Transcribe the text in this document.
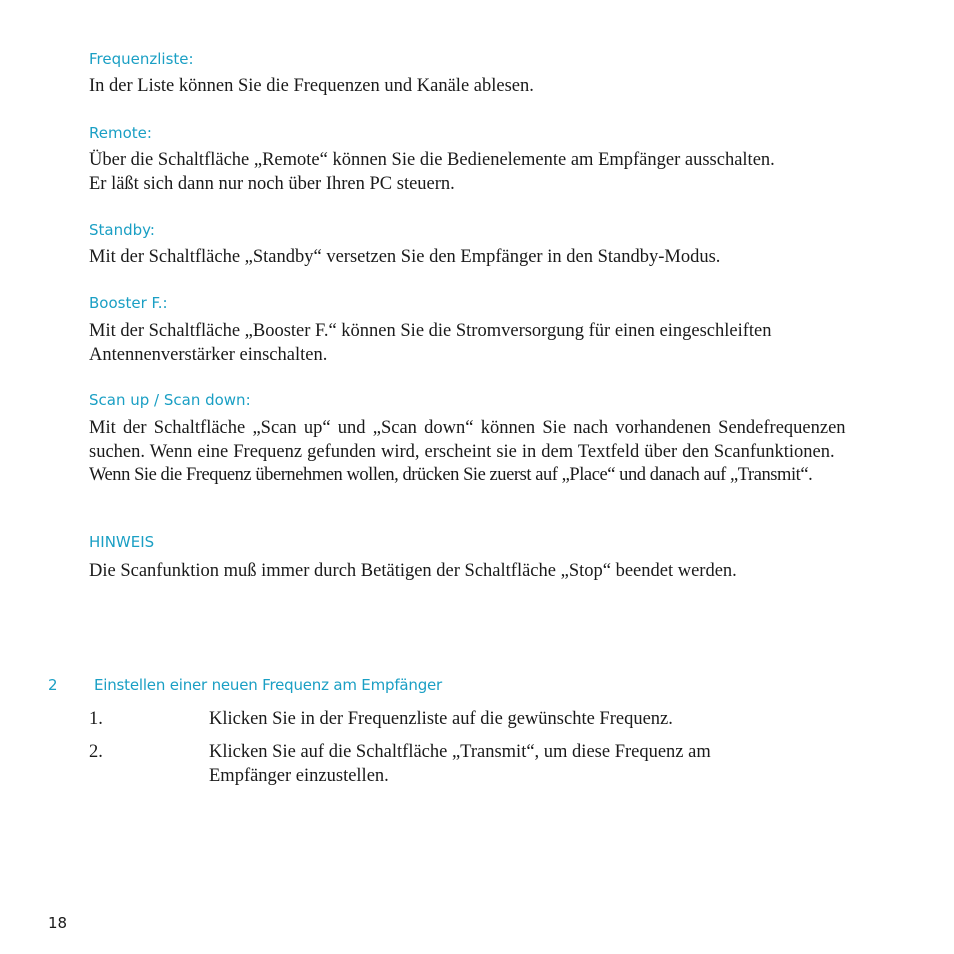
Frequenzliste:
In der Liste können Sie die Frequenzen und Kanäle ablesen.
Remote:
Über die Schaltfläche „Remote“ können Sie die Bedienelemente am Empfänger ausschalten.
Er läßt sich dann nur noch über Ihren PC steuern.
Standby:
Mit der Schaltfläche „Standby“ versetzen Sie den Empfänger in den Standby-Modus.
Booster F.:
Mit der Schaltfläche „Booster F.“ können Sie die Stromversorgung für einen eingeschleiften
Antennenverstärker einschalten.
Scan up / Scan down:
Mit der Schaltfläche „Scan up“ und „Scan down“ können Sie nach vorhandenen Sendefrequenzen
suchen. Wenn eine Frequenz gefunden wird, erscheint sie in dem Textfeld über den Scanfunktionen.
Wenn Sie die Frequenz übernehmen wollen, drücken Sie zuerst auf „Place“ und danach auf „Transmit“.
HINWEIS
Die Scanfunktion muß immer durch Betätigen der Schaltfläche „Stop“ beendet werden.
2 Einstellen einer neuen Frequenz am Empfänger
1.	Klicken Sie in der Frequenzliste auf die gewünschte Frequenz.
2.	Klicken Sie auf die Schaltfläche „Transmit“, um diese Frequenz am
Empfänger einzustellen.
18
